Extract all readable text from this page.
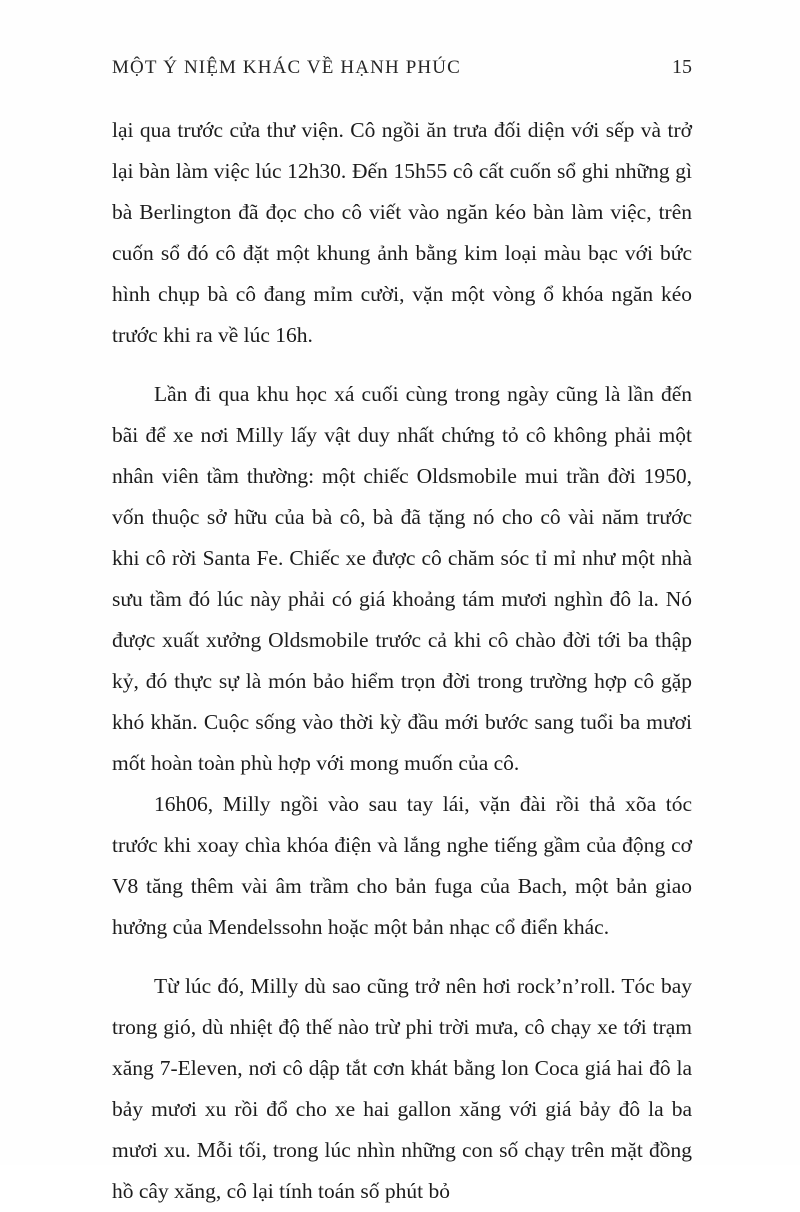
MỘT Ý NIỆM KHÁC VỀ HẠNH PHÚC	15

lại qua trước cửa thư viện. Cô ngồi ăn trưa đối diện với sếp và trở lại bàn làm việc lúc 12h30. Đến 15h55 cô cất cuốn sổ ghi những gì bà Berlington đã đọc cho cô viết vào ngăn kéo bàn làm việc, trên cuốn sổ đó cô đặt một khung ảnh bằng kim loại màu bạc với bức hình chụp bà cô đang mỉm cười, vặn một vòng ổ khóa ngăn kéo trước khi ra về lúc 16h.

Lần đi qua khu học xá cuối cùng trong ngày cũng là lần đến bãi để xe nơi Milly lấy vật duy nhất chứng tỏ cô không phải một nhân viên tầm thường: một chiếc Oldsmobile mui trần đời 1950, vốn thuộc sở hữu của bà cô, bà đã tặng nó cho cô vài năm trước khi cô rời Santa Fe. Chiếc xe được cô chăm sóc tỉ mỉ như một nhà sưu tầm đó lúc này phải có giá khoảng tám mươi nghìn đô la. Nó được xuất xưởng Oldsmobile trước cả khi cô chào đời tới ba thập kỷ, đó thực sự là món bảo hiểm trọn đời trong trường hợp cô gặp khó khăn. Cuộc sống vào thời kỳ đầu mới bước sang tuổi ba mươi mốt hoàn toàn phù hợp với mong muốn của cô.

16h06, Milly ngồi vào sau tay lái, vặn đài rồi thả xõa tóc trước khi xoay chìa khóa điện và lắng nghe tiếng gầm của động cơ V8 tăng thêm vài âm trầm cho bản fuga của Bach, một bản giao hưởng của Mendelssohn hoặc một bản nhạc cổ điển khác.

Từ lúc đó, Milly dù sao cũng trở nên hơi rock’n’roll. Tóc bay trong gió, dù nhiệt độ thế nào trừ phi trời mưa, cô chạy xe tới trạm xăng 7-Eleven, nơi cô dập tắt cơn khát bằng lon Coca giá hai đô la bảy mươi xu rồi đổ cho xe hai gallon xăng với giá bảy đô la ba mươi xu. Mỗi tối, trong lúc nhìn những con số chạy trên mặt đồng hồ cây xăng, cô lại tính toán số phút bỏ
